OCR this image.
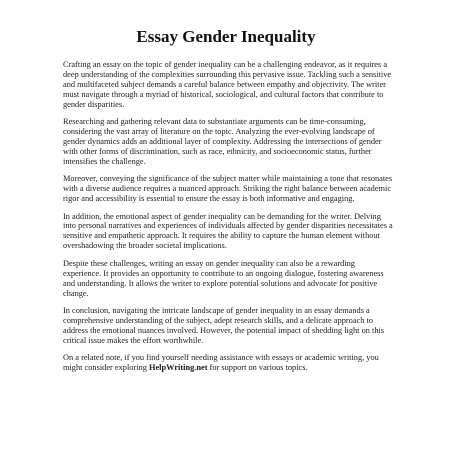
Essay Gender Inequality

Crafting an essay on the topic of gender inequality can be a challenging endeavor, as it requires a deep understanding of the complexities surrounding this pervasive issue. Tackling such a sensitive and multifaceted subject demands a careful balance between empathy and objectivity. The writer must navigate through a myriad of historical, sociological, and cultural factors that contribute to gender disparities.

Researching and gathering relevant data to substantiate arguments can be time-consuming, considering the vast array of literature on the topic. Analyzing the ever-evolving landscape of gender dynamics adds an additional layer of complexity. Addressing the intersections of gender with other forms of discrimination, such as race, ethnicity, and socioeconomic status, further intensifies the challenge.

Moreover, conveying the significance of the subject matter while maintaining a tone that resonates with a diverse audience requires a nuanced approach. Striking the right balance between academic rigor and accessibility is essential to ensure the essay is both informative and engaging.

In addition, the emotional aspect of gender inequality can be demanding for the writer. Delving into personal narratives and experiences of individuals affected by gender disparities necessitates a sensitive and empathetic approach. It requires the ability to capture the human element without overshadowing the broader societal implications.

Despite these challenges, writing an essay on gender inequality can also be a rewarding experience. It provides an opportunity to contribute to an ongoing dialogue, fostering awareness and understanding. It allows the writer to explore potential solutions and advocate for positive change.

In conclusion, navigating the intricate landscape of gender inequality in an essay demands a comprehensive understanding of the subject, adept research skills, and a delicate approach to address the emotional nuances involved. However, the potential impact of shedding light on this critical issue makes the effort worthwhile.

On a related note, if you find yourself needing assistance with essays or academic writing, you might consider exploring HelpWriting.net for support on various topics.
